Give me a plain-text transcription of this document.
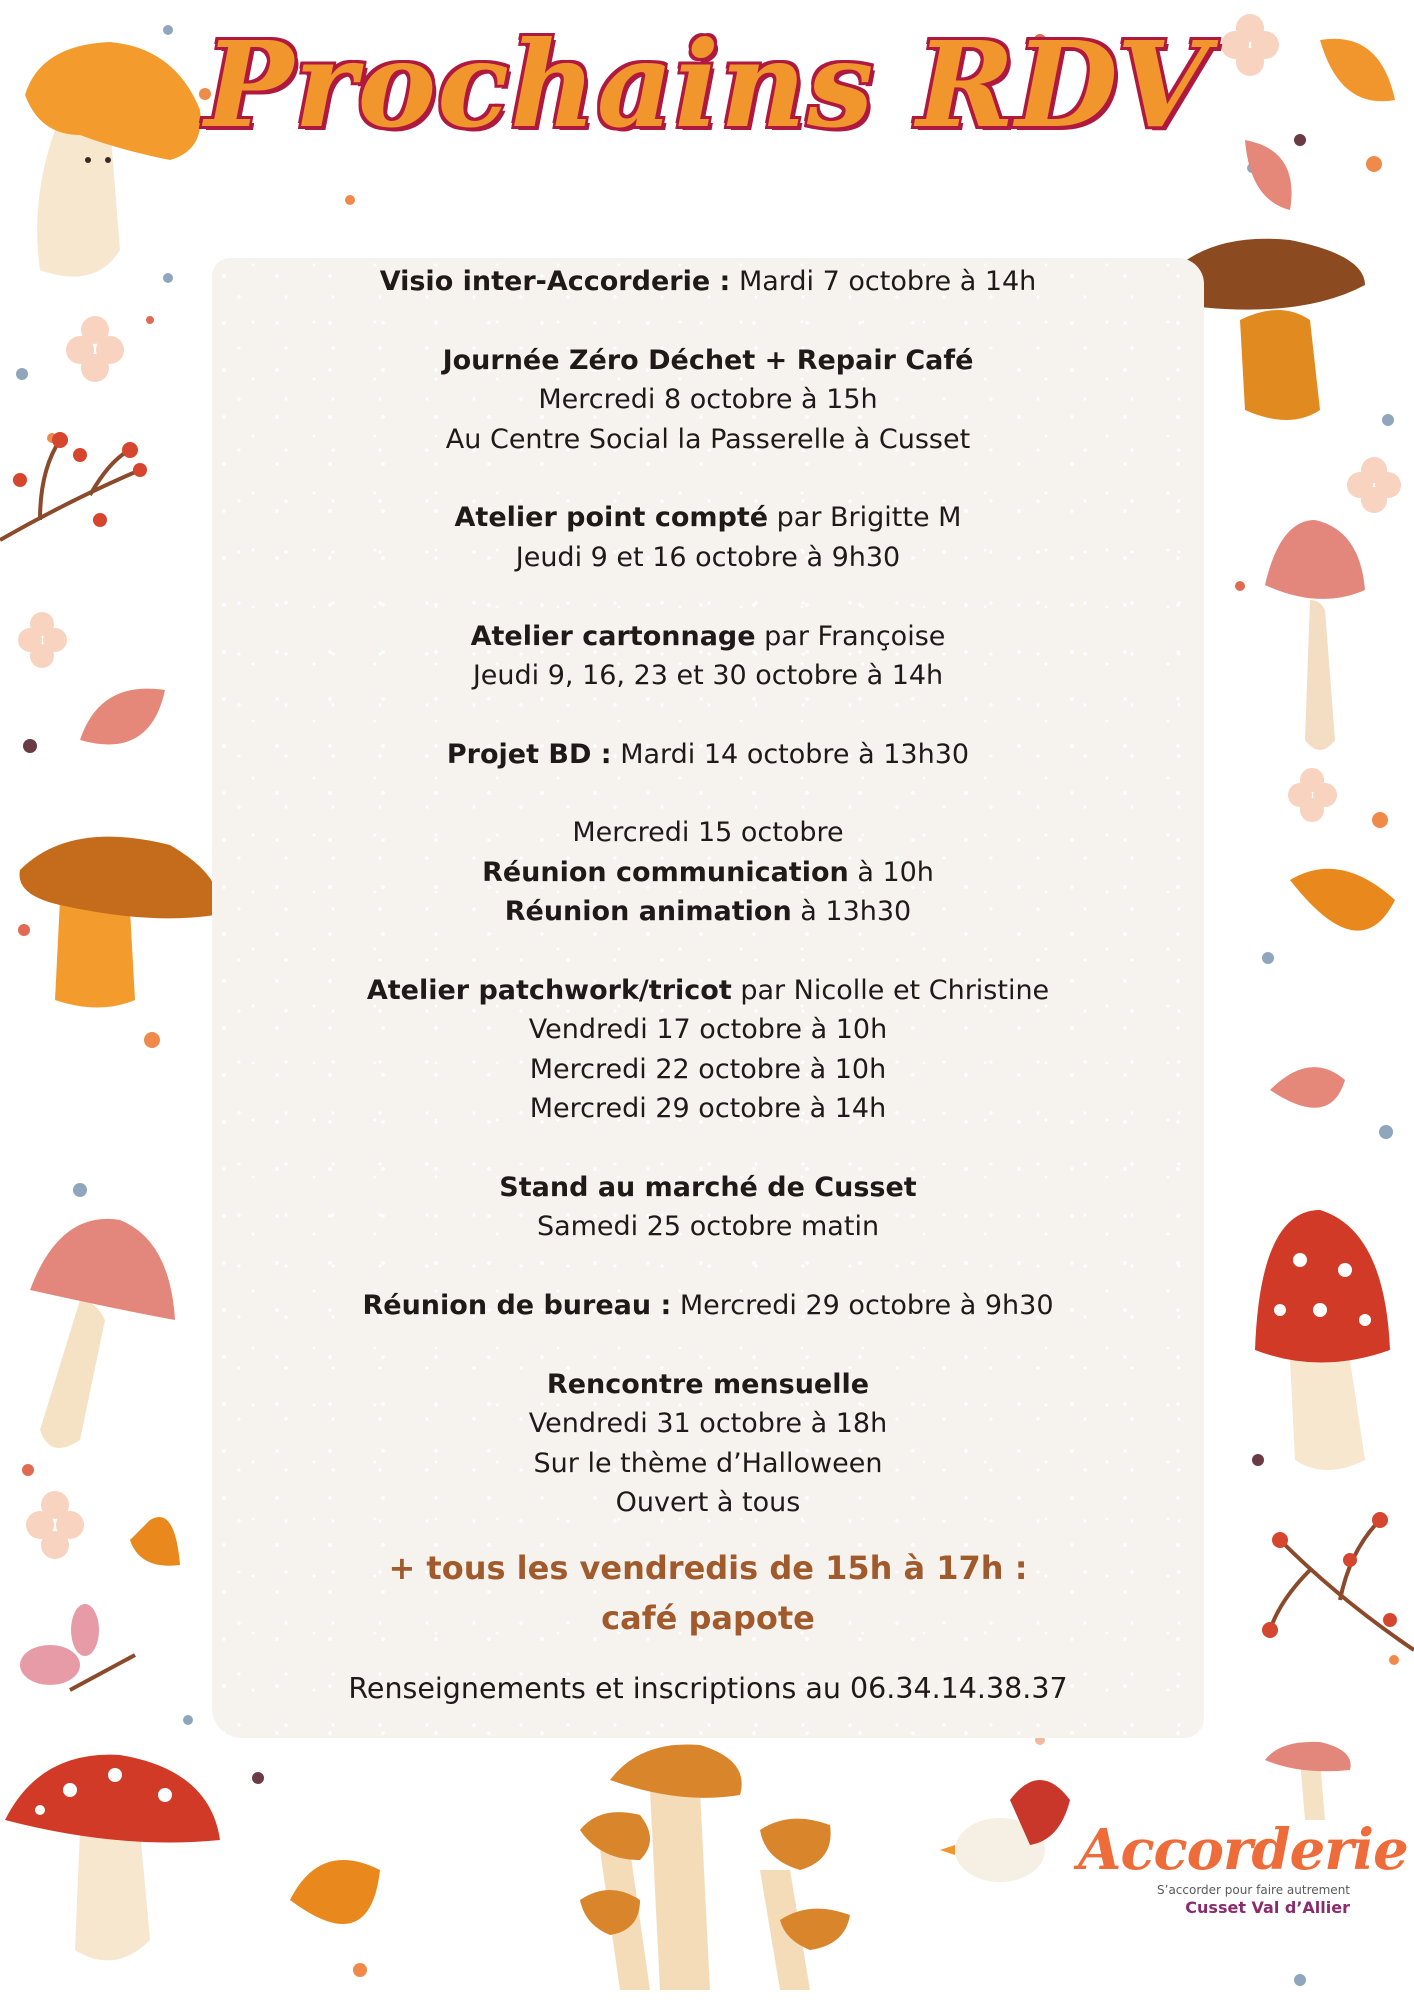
Prochains RDV
Visio inter-Accorderie : Mardi 7 octobre à 14h
Journée Zéro Déchet + Repair Café
Mercredi 8 octobre à 15h
Au Centre Social la Passerelle à Cusset
Atelier point compté par Brigitte M
Jeudi 9 et 16 octobre à 9h30
Atelier cartonnage par Françoise
Jeudi 9, 16, 23 et 30 octobre à 14h
Projet BD : Mardi 14 octobre à 13h30
Mercredi 15 octobre
Réunion communication à 10h
Réunion animation à 13h30
Atelier patchwork/tricot par Nicolle et Christine
Vendredi 17 octobre à 10h
Mercredi 22 octobre à 10h
Mercredi 29 octobre à 14h
Stand au marché de Cusset
Samedi 25 octobre matin
Réunion de bureau : Mercredi 29 octobre à 9h30
Rencontre mensuelle
Vendredi 31 octobre à 18h
Sur le thème d’Halloween
Ouvert à tous
+ tous les vendredis de 15h à 17h :
café papote
Renseignements et inscriptions au 06.34.14.38.37
Accorderie
S’accorder pour faire autrement
Cusset Val d’Allier
